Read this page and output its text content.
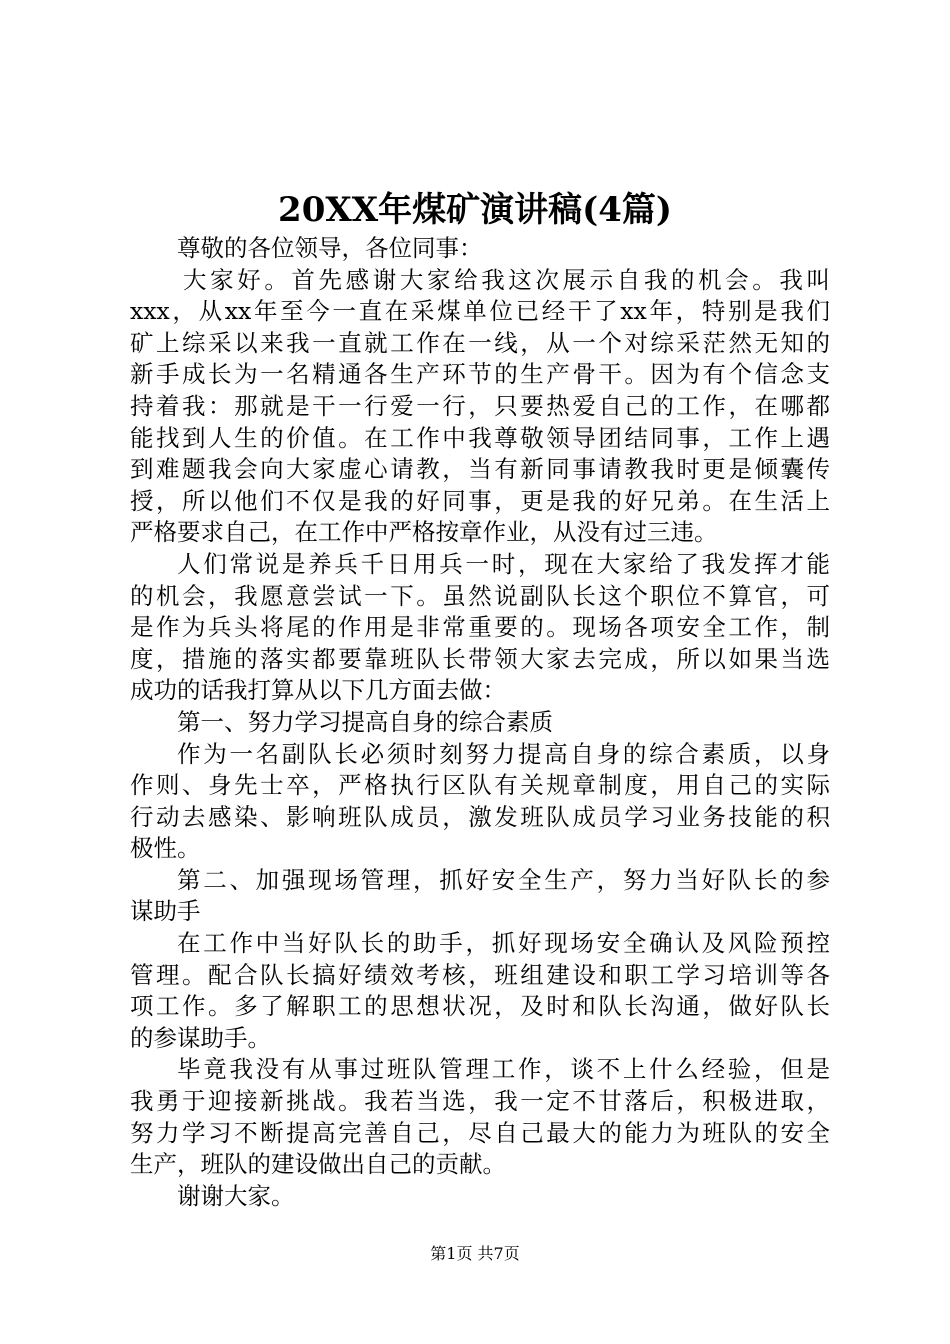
20XX年煤矿演讲稿(4篇)
尊敬的各位领导，各位同事：
大家好。首先感谢大家给我这次展示自我的机会。我叫
xxx，从xx年至今一直在采煤单位已经干了xx年，特别是我们
矿上综采以来我一直就工作在一线，从一个对综采茫然无知的
新手成长为一名精通各生产环节的生产骨干。因为有个信念支
持着我：那就是干一行爱一行，只要热爱自己的工作，在哪都
能找到人生的价值。在工作中我尊敬领导团结同事，工作上遇
到难题我会向大家虚心请教，当有新同事请教我时更是倾囊传
授，所以他们不仅是我的好同事，更是我的好兄弟。在生活上
严格要求自己，在工作中严格按章作业，从没有过三违。
人们常说是养兵千日用兵一时，现在大家给了我发挥才能
的机会，我愿意尝试一下。虽然说副队长这个职位不算官，可
是作为兵头将尾的作用是非常重要的。现场各项安全工作，制
度，措施的落实都要靠班队长带领大家去完成，所以如果当选
成功的话我打算从以下几方面去做：
第一、努力学习提高自身的综合素质
作为一名副队长必须时刻努力提高自身的综合素质，以身
作则、身先士卒，严格执行区队有关规章制度，用自己的实际
行动去感染、影响班队成员，激发班队成员学习业务技能的积
极性。
第二、加强现场管理，抓好安全生产，努力当好队长的参
谋助手
在工作中当好队长的助手，抓好现场安全确认及风险预控
管理。配合队长搞好绩效考核，班组建设和职工学习培训等各
项工作。多了解职工的思想状况，及时和队长沟通，做好队长
的参谋助手。
毕竟我没有从事过班队管理工作，谈不上什么经验，但是
我勇于迎接新挑战。我若当选，我一定不甘落后，积极进取，
努力学习不断提高完善自己，尽自己最大的能力为班队的安全
生产，班队的建设做出自己的贡献。
谢谢大家。
第1页 共7页
